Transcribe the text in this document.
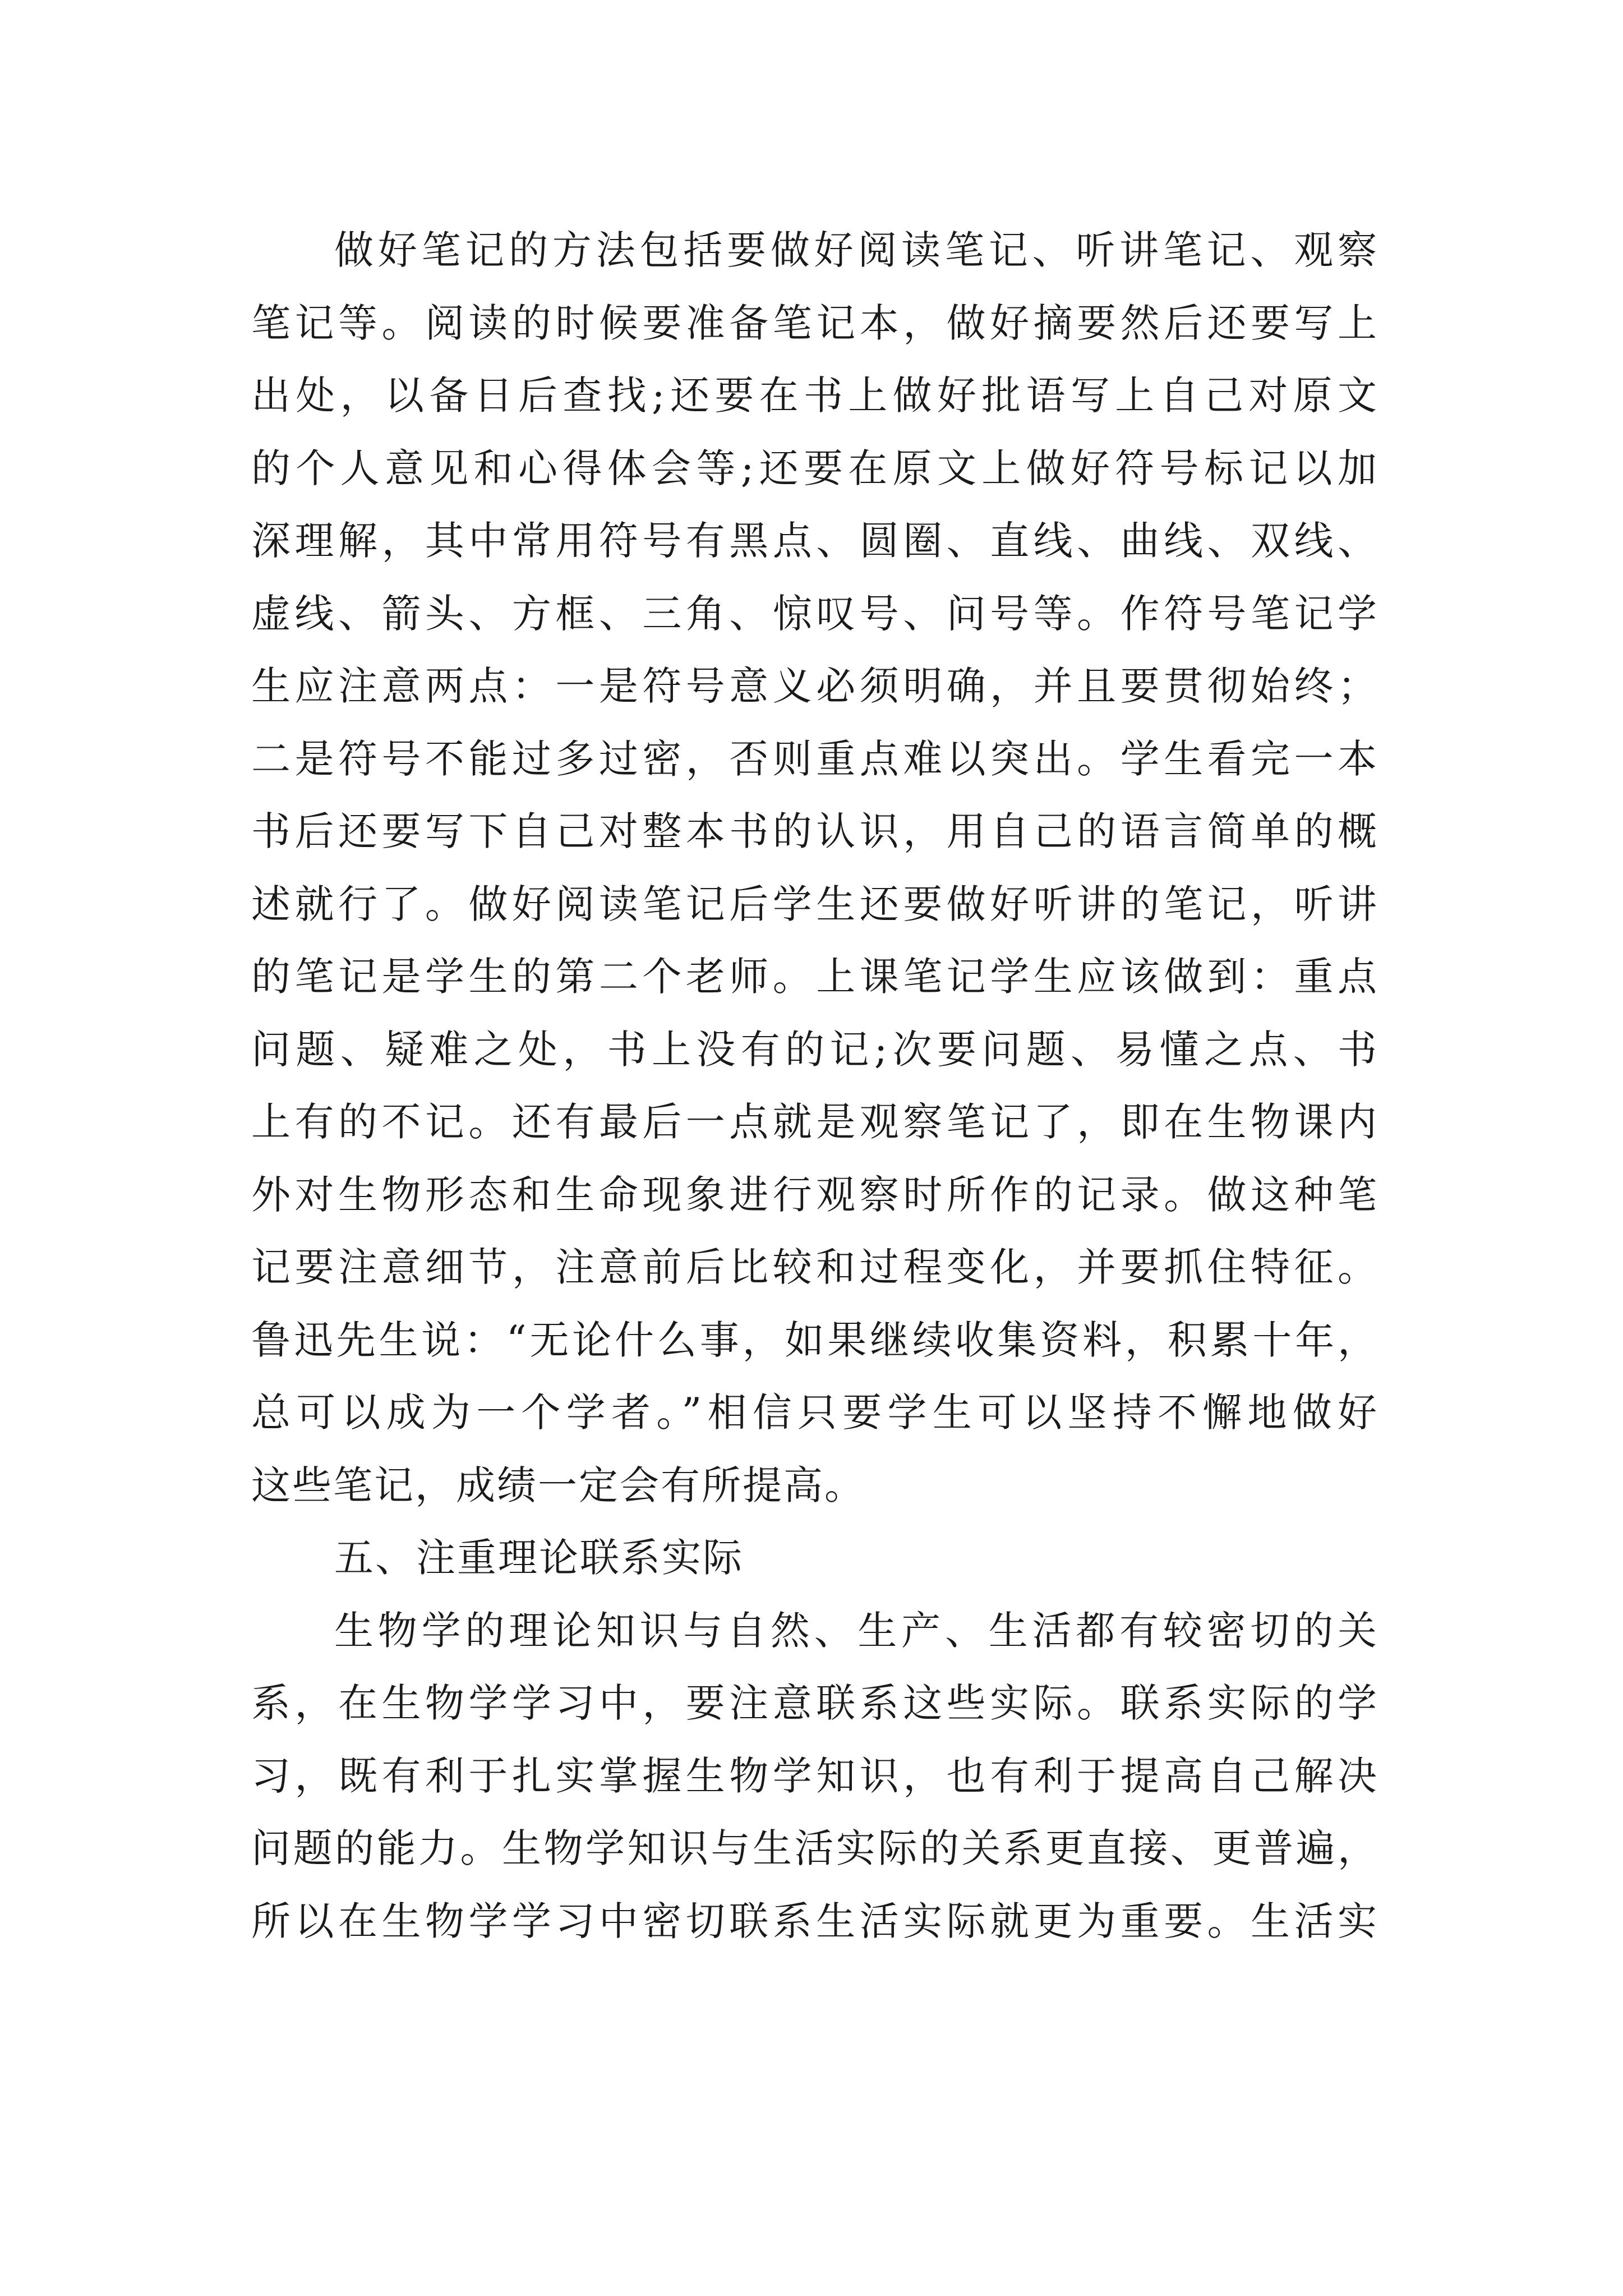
做好笔记的方法包括要做好阅读笔记、听讲笔记、观察
笔记等。阅读的时候要准备笔记本，做好摘要然后还要写上
出处，以备日后查找;还要在书上做好批语写上自己对原文
的个人意见和心得体会等;还要在原文上做好符号标记以加
深理解，其中常用符号有黑点、圆圈、直线、曲线、双线、
虚线、箭头、方框、三角、惊叹号、问号等。作符号笔记学
生应注意两点：一是符号意义必须明确，并且要贯彻始终；
二是符号不能过多过密，否则重点难以突出。学生看完一本
书后还要写下自己对整本书的认识，用自己的语言简单的概
述就行了。做好阅读笔记后学生还要做好听讲的笔记，听讲
的笔记是学生的第二个老师。上课笔记学生应该做到：重点
问题、疑难之处，书上没有的记;次要问题、易懂之点、书
上有的不记。还有最后一点就是观察笔记了，即在生物课内
外对生物形态和生命现象进行观察时所作的记录。做这种笔
记要注意细节，注意前后比较和过程变化，并要抓住特征。
鲁迅先生说：“无论什么事，如果继续收集资料，积累十年，
总可以成为一个学者。”相信只要学生可以坚持不懈地做好
这些笔记，成绩一定会有所提高。
五、注重理论联系实际
生物学的理论知识与自然、生产、生活都有较密切的关
系，在生物学学习中，要注意联系这些实际。联系实际的学
习，既有利于扎实掌握生物学知识，也有利于提高自己解决
问题的能力。生物学知识与生活实际的关系更直接、更普遍，
所以在生物学学习中密切联系生活实际就更为重要。生活实
